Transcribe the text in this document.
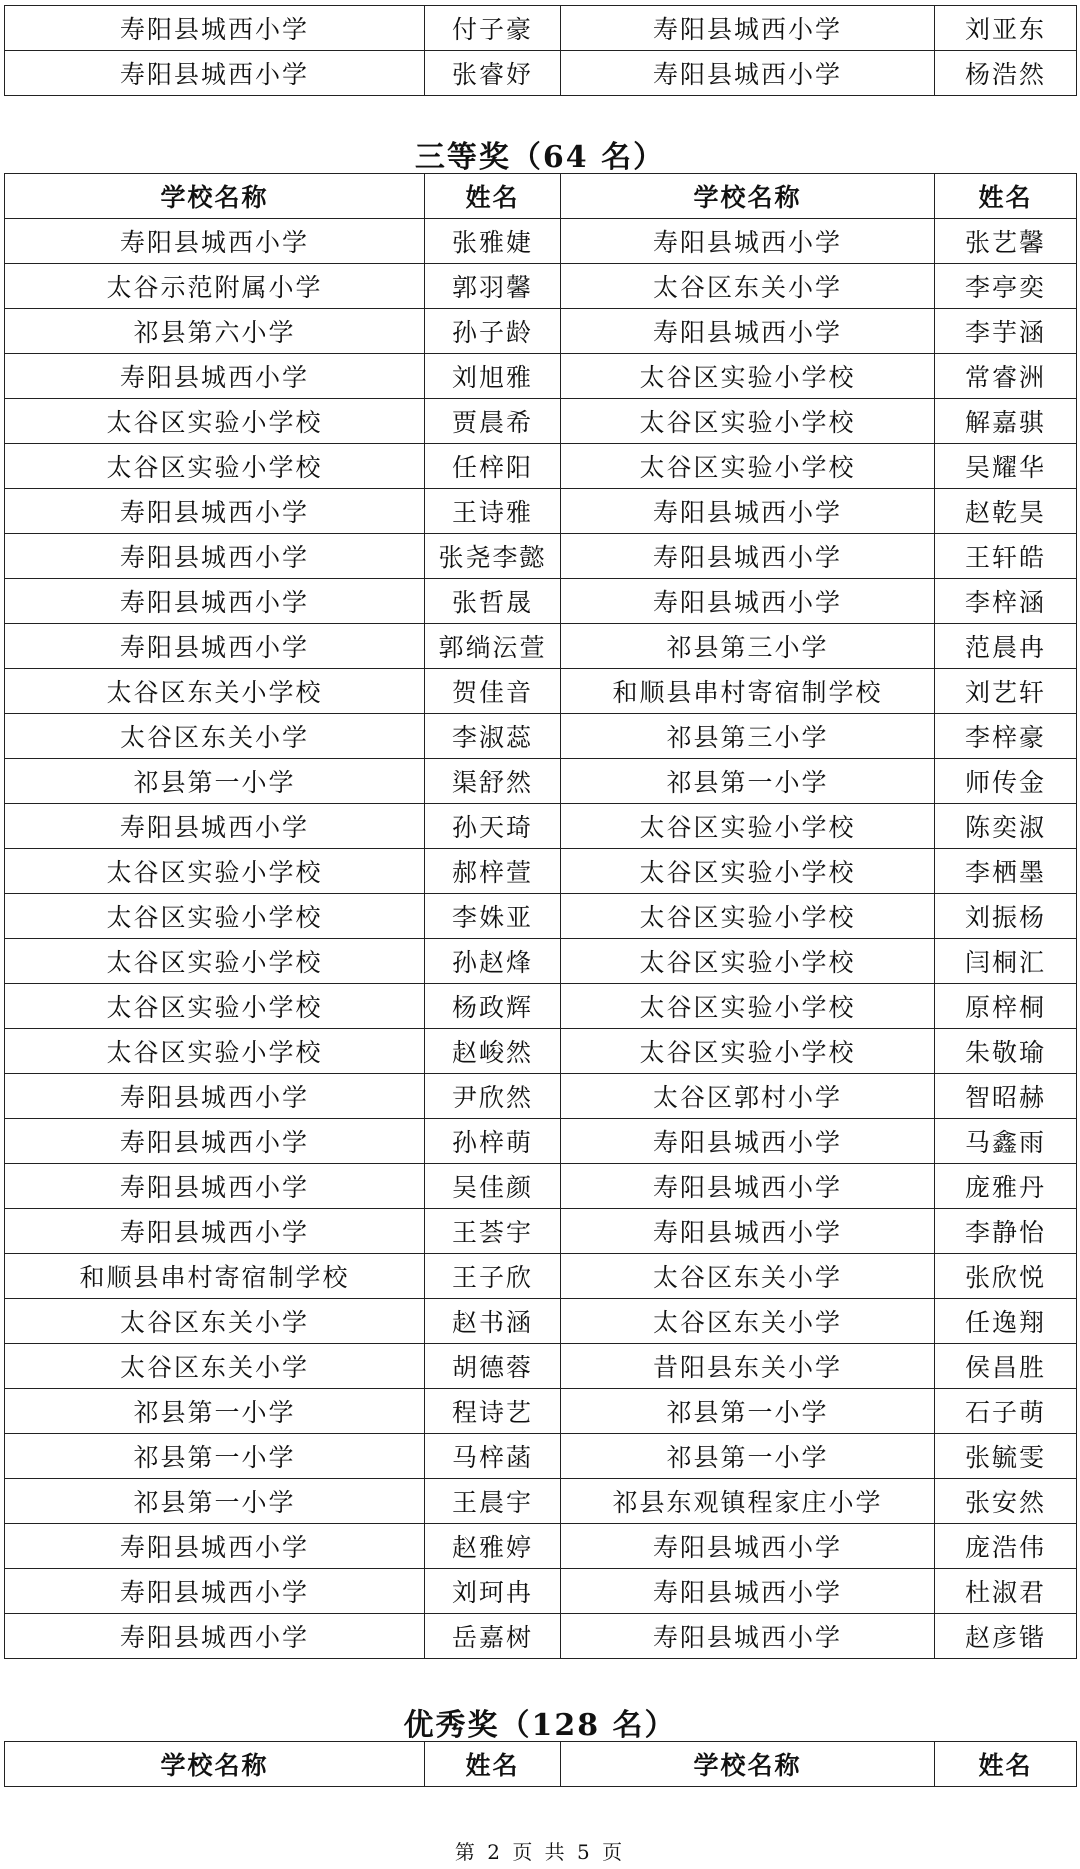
寿阳县城西小学	付子豪	寿阳县城西小学	刘亚东
寿阳县城西小学	张睿妤	寿阳县城西小学	杨浩然
三等奖（64 名）
学校名称	姓名	学校名称	姓名
寿阳县城西小学	张雅婕	寿阳县城西小学	张艺馨
太谷示范附属小学	郭羽馨	太谷区东关小学	李亭奕
祁县第六小学	孙子龄	寿阳县城西小学	李芋涵
寿阳县城西小学	刘旭雅	太谷区实验小学校	常睿洲
太谷区实验小学校	贾晨希	太谷区实验小学校	解嘉骐
太谷区实验小学校	任梓阳	太谷区实验小学校	吴耀华
寿阳县城西小学	王诗雅	寿阳县城西小学	赵乾昊
寿阳县城西小学	张尧李懿	寿阳县城西小学	王轩皓
寿阳县城西小学	张哲晟	寿阳县城西小学	李梓涵
寿阳县城西小学	郭绱沄萱	祁县第三小学	范晨冉
太谷区东关小学校	贺佳音	和顺县串村寄宿制学校	刘艺轩
太谷区东关小学	李淑蕊	祁县第三小学	李梓豪
祁县第一小学	渠舒然	祁县第一小学	师传金
寿阳县城西小学	孙天琦	太谷区实验小学校	陈奕淑
太谷区实验小学校	郝梓萱	太谷区实验小学校	李栖墨
太谷区实验小学校	李姝亚	太谷区实验小学校	刘振杨
太谷区实验小学校	孙赵烽	太谷区实验小学校	闫桐汇
太谷区实验小学校	杨政辉	太谷区实验小学校	原梓桐
太谷区实验小学校	赵峻然	太谷区实验小学校	朱敬瑜
寿阳县城西小学	尹欣然	太谷区郭村小学	智昭赫
寿阳县城西小学	孙梓萌	寿阳县城西小学	马鑫雨
寿阳县城西小学	吴佳颜	寿阳县城西小学	庞雅丹
寿阳县城西小学	王荟宇	寿阳县城西小学	李静怡
和顺县串村寄宿制学校	王子欣	太谷区东关小学	张欣悦
太谷区东关小学	赵书涵	太谷区东关小学	任逸翔
太谷区东关小学	胡德蓉	昔阳县东关小学	侯昌胜
祁县第一小学	程诗艺	祁县第一小学	石子萌
祁县第一小学	马梓菡	祁县第一小学	张毓雯
祁县第一小学	王晨宇	祁县东观镇程家庄小学	张安然
寿阳县城西小学	赵雅婷	寿阳县城西小学	庞浩伟
寿阳县城西小学	刘珂冉	寿阳县城西小学	杜淑君
寿阳县城西小学	岳嘉树	寿阳县城西小学	赵彦锴
优秀奖（128 名）
学校名称	姓名	学校名称	姓名
第 2 页 共 5 页
